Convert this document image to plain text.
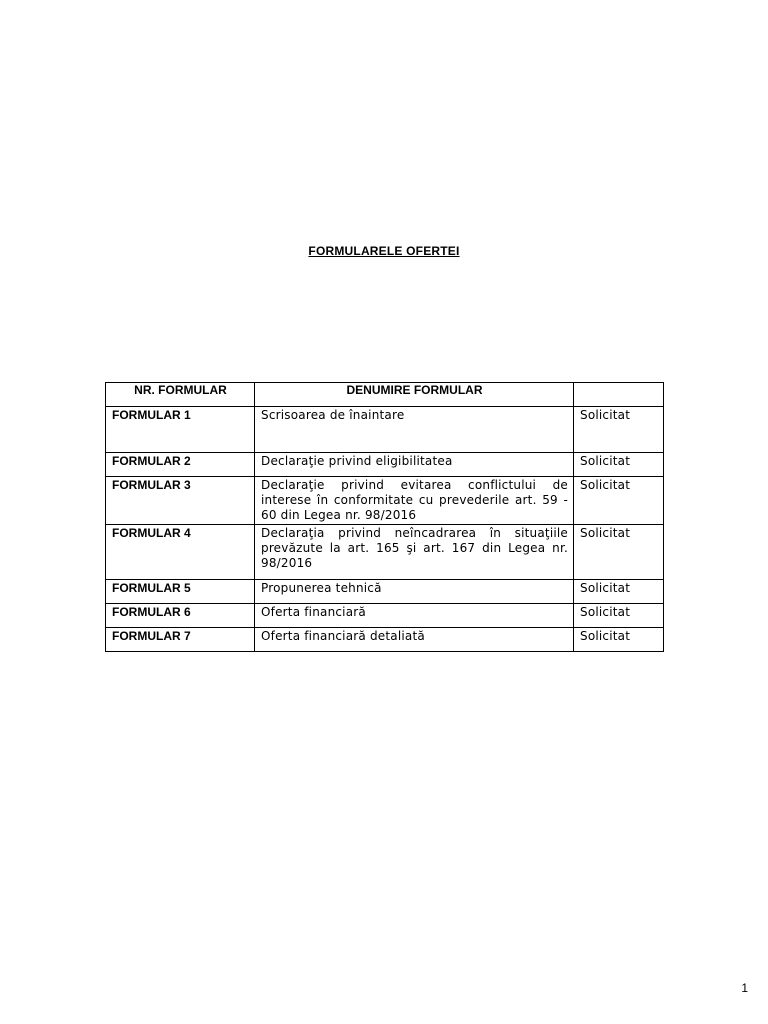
FORMULARELE OFERTEI
NR. FORMULAR	DENUMIRE FORMULAR	
FORMULAR 1	Scrisoarea de înaintare	Solicitat
FORMULAR 2	Declaraţie privind eligibilitatea	Solicitat
FORMULAR 3	Declaraţie privind evitarea conflictului de interese în conformitate cu prevederile art. 59 - 60 din Legea nr. 98/2016	Solicitat
FORMULAR 4	Declaraţia privind neîncadrarea în situaţiile prevăzute la art. 165 şi art. 167 din Legea nr. 98/2016	Solicitat
FORMULAR 5	Propunerea tehnică	Solicitat
FORMULAR 6	Oferta financiară	Solicitat
FORMULAR 7	Oferta financiară detaliată	Solicitat
1
